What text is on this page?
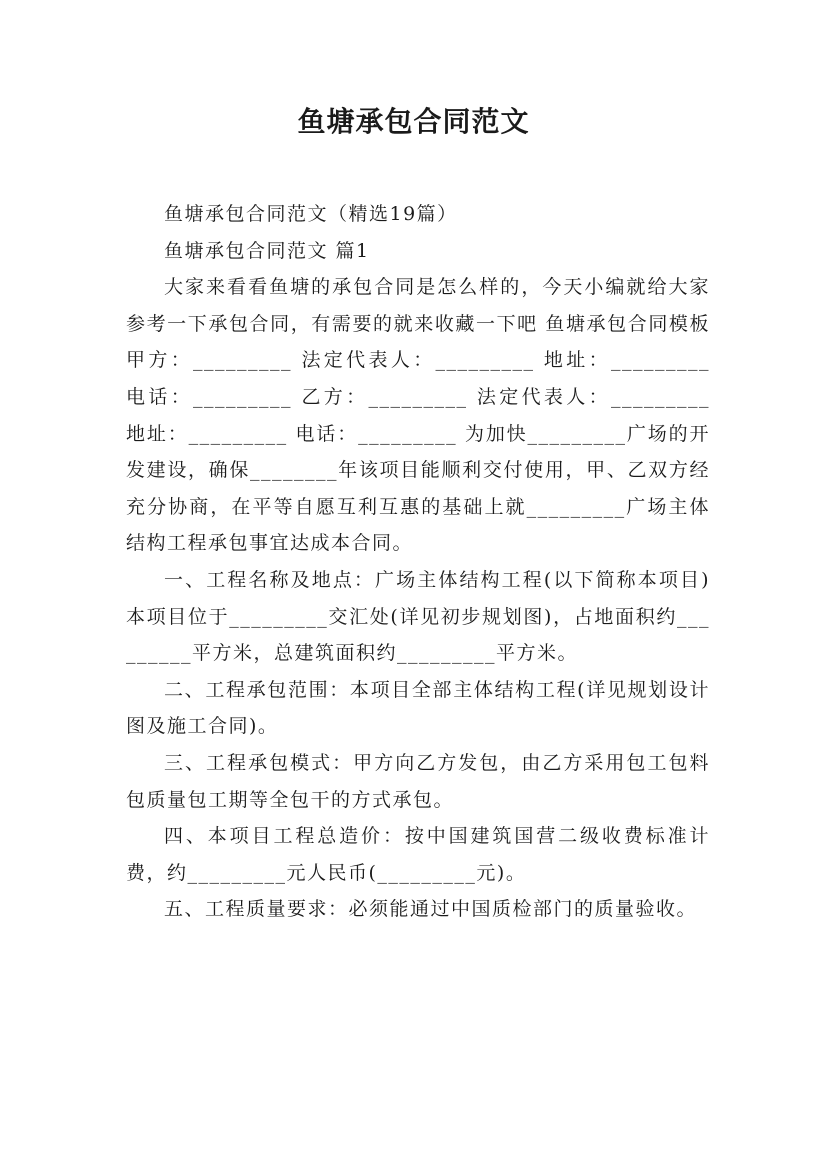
鱼塘承包合同范文

鱼塘承包合同范文（精选19篇）

鱼塘承包合同范文 篇1

大家来看看鱼塘的承包合同是怎么样的，今天小编就给大家参考一下承包合同，有需要的就来收藏一下吧 鱼塘承包合同模板 甲方：_________ 法定代表人：_________ 地址：_________ 电话：_________ 乙方：_________ 法定代表人：_________ 地址：_________ 电话：_________ 为加快_________广场的开发建设，确保________年该项目能顺利交付使用，甲、乙双方经充分协商，在平等自愿互利互惠的基础上就_________广场主体结构工程承包事宜达成本合同。

一、工程名称及地点：广场主体结构工程(以下简称本项目)本项目位于_________交汇处(详见初步规划图)，占地面积约_________平方米，总建筑面积约_________平方米。

二、工程承包范围：本项目全部主体结构工程(详见规划设计图及施工合同)。

三、工程承包模式：甲方向乙方发包，由乙方采用包工包料包质量包工期等全包干的方式承包。

四、本项目工程总造价：按中国建筑国营二级收费标准计费，约_________元人民币(_________元)。

五、工程质量要求：必须能通过中国质检部门的质量验收。
